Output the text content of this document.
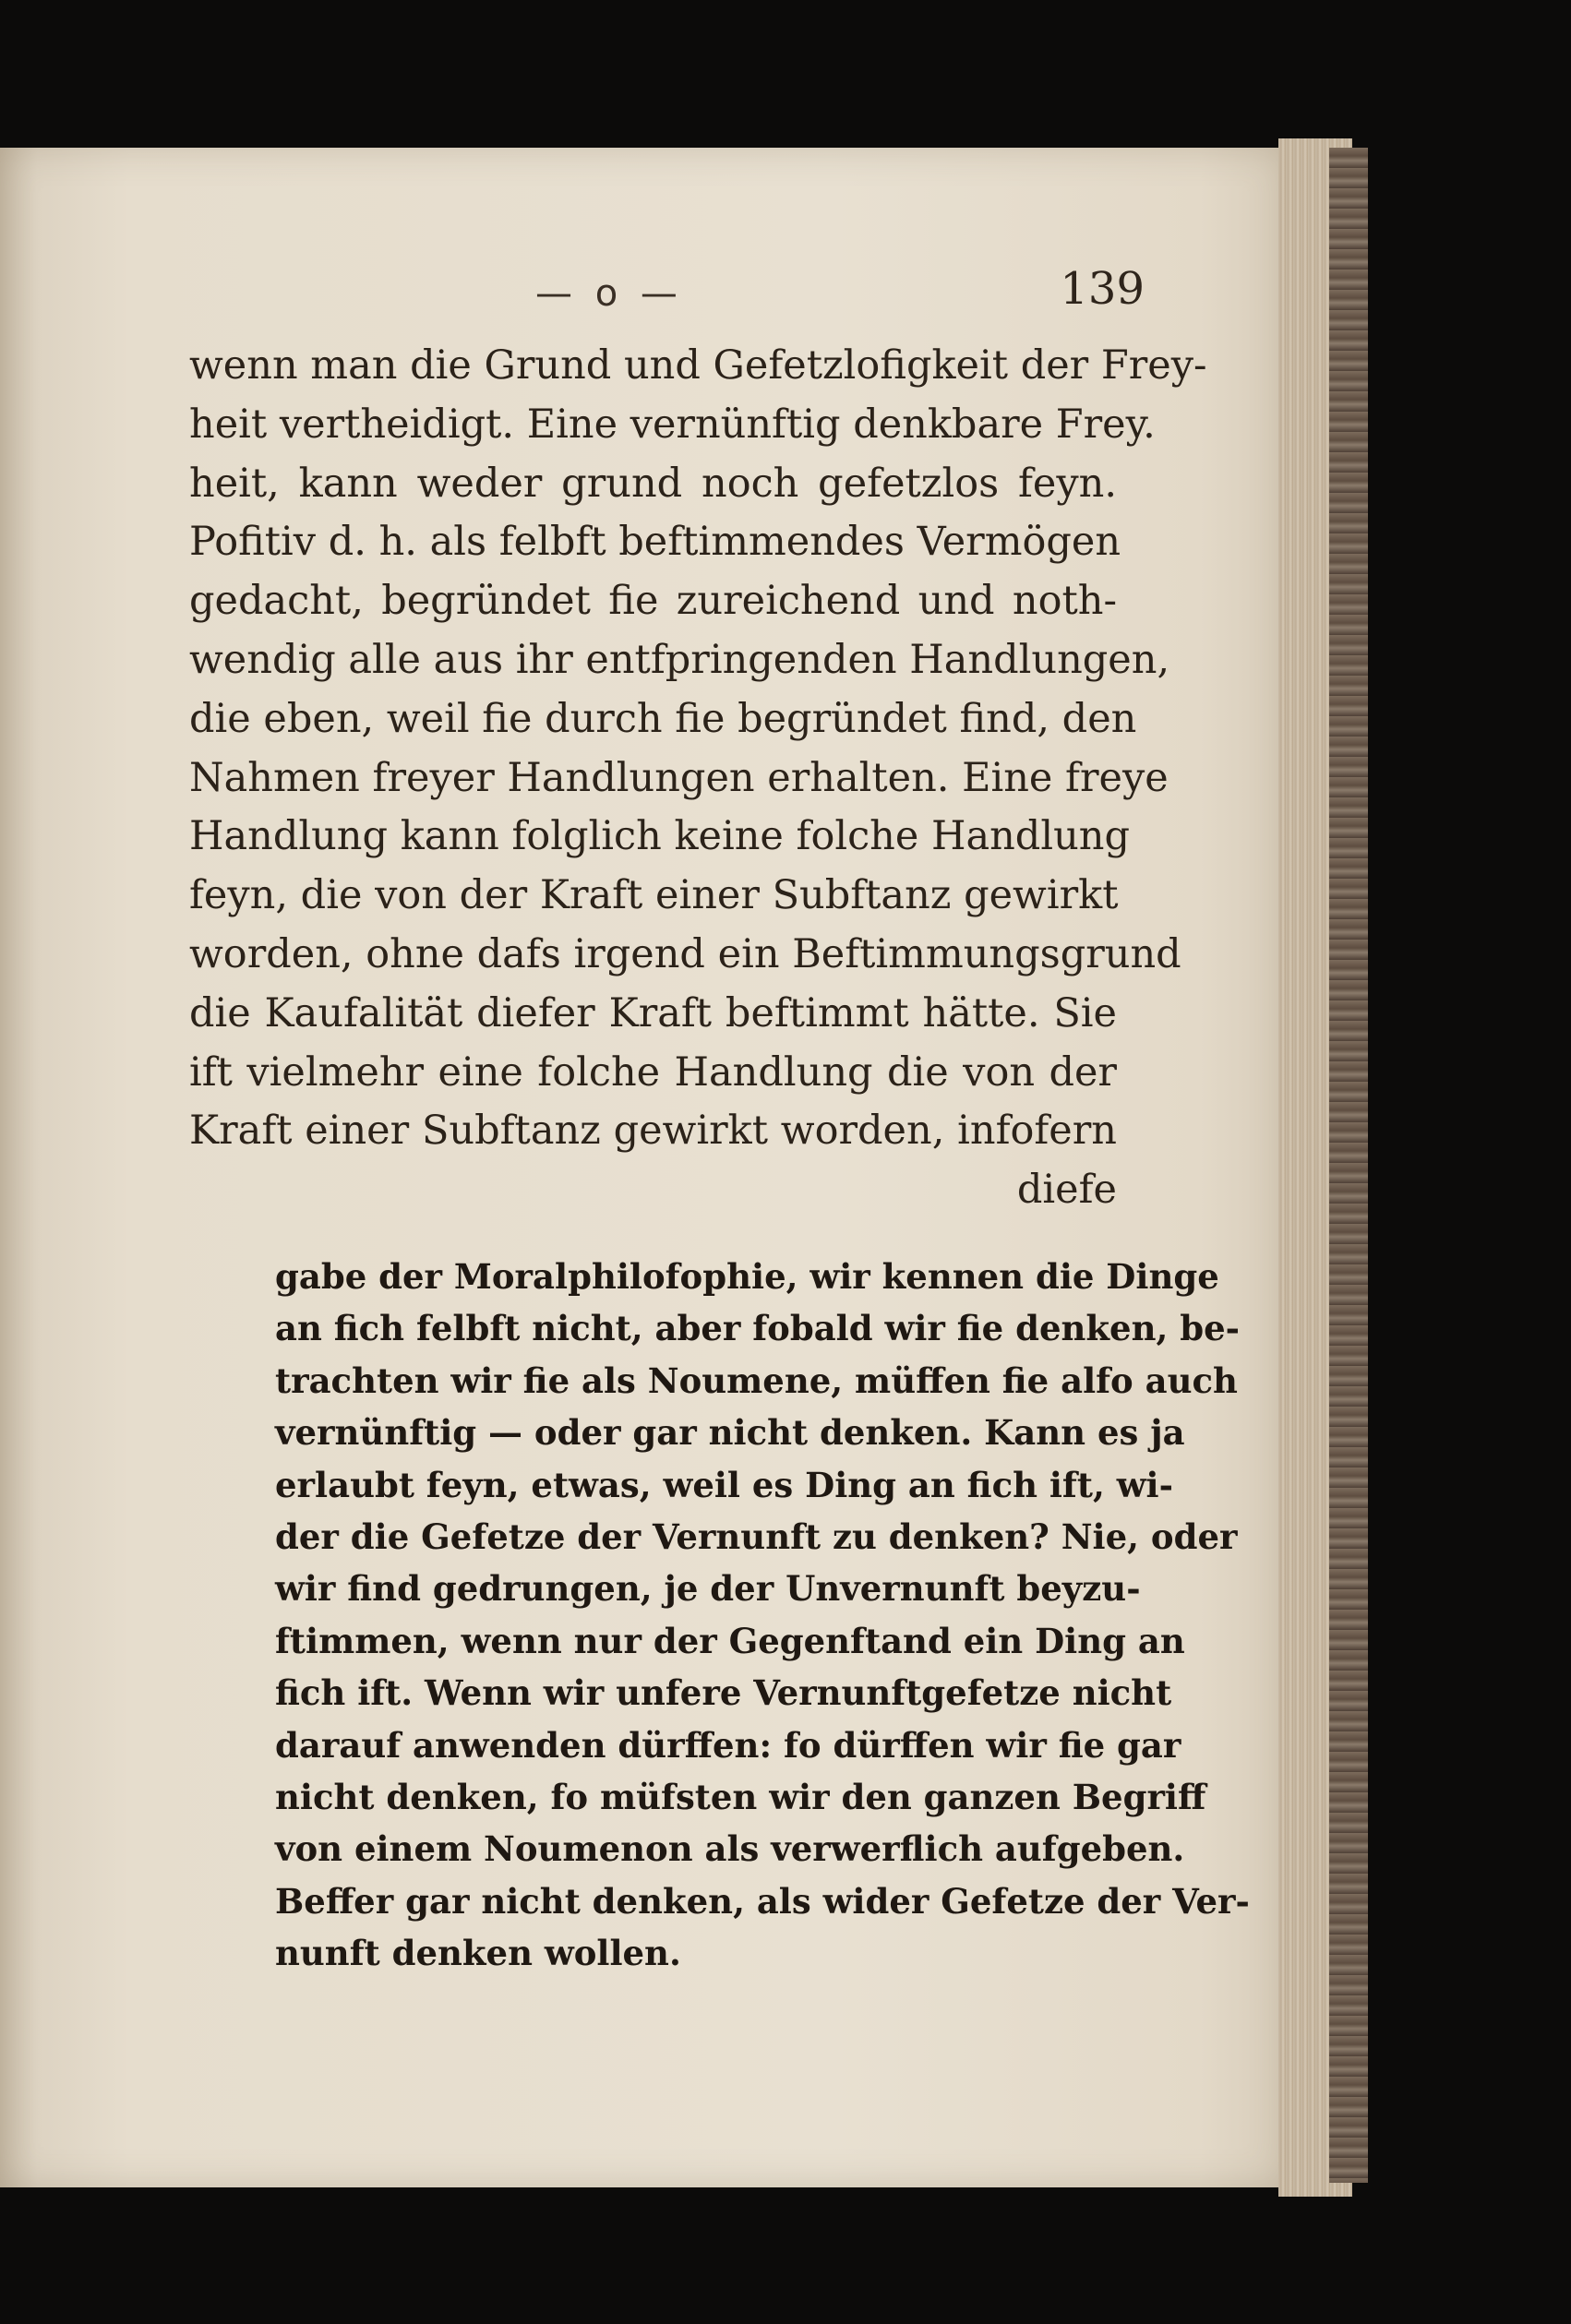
— o —	139
wenn man die Grund und Gefetzlofigkeit der Frey-
heit vertheidigt. Eine vernünftig denkbare Frey.
heit, kann weder grund noch gefetzlos feyn.
Pofitiv d. h. als felbft beftimmendes Vermögen
gedacht, begründet fie zureichend und noth-
wendig alle aus ihr entfpringenden Handlungen,
die eben, weil fie durch fie begründet find, den
Nahmen freyer Handlungen erhalten. Eine freye
Handlung kann folglich keine folche Handlung
feyn, die von der Kraft einer Subftanz gewirkt
worden, ohne dafs irgend ein Beftimmungsgrund
die Kaufalität diefer Kraft beftimmt hätte. Sie
ift vielmehr eine folche Handlung die von der
Kraft einer Subftanz gewirkt worden, infofern
diefe
gabe der Moralphilofophie, wir kennen die Dinge
an fich felbft nicht, aber fobald wir fie denken, be-
trachten wir fie als Noumene, müffen fie alfo auch
vernünftig — oder gar nicht denken. Kann es ja
erlaubt feyn, etwas, weil es Ding an fich ift, wi-
der die Gefetze der Vernunft zu denken? Nie, oder
wir find gedrungen, je der Unvernunft beyzu-
ftimmen, wenn nur der Gegenftand ein Ding an
fich ift. Wenn wir unfere Vernunftgefetze nicht
darauf anwenden dürffen: fo dürffen wir fie gar
nicht denken, fo müfsten wir den ganzen Begriff
von einem Noumenon als verwerflich aufgeben.
Beffer gar nicht denken, als wider Gefetze der Ver-
nunft denken wollen.
